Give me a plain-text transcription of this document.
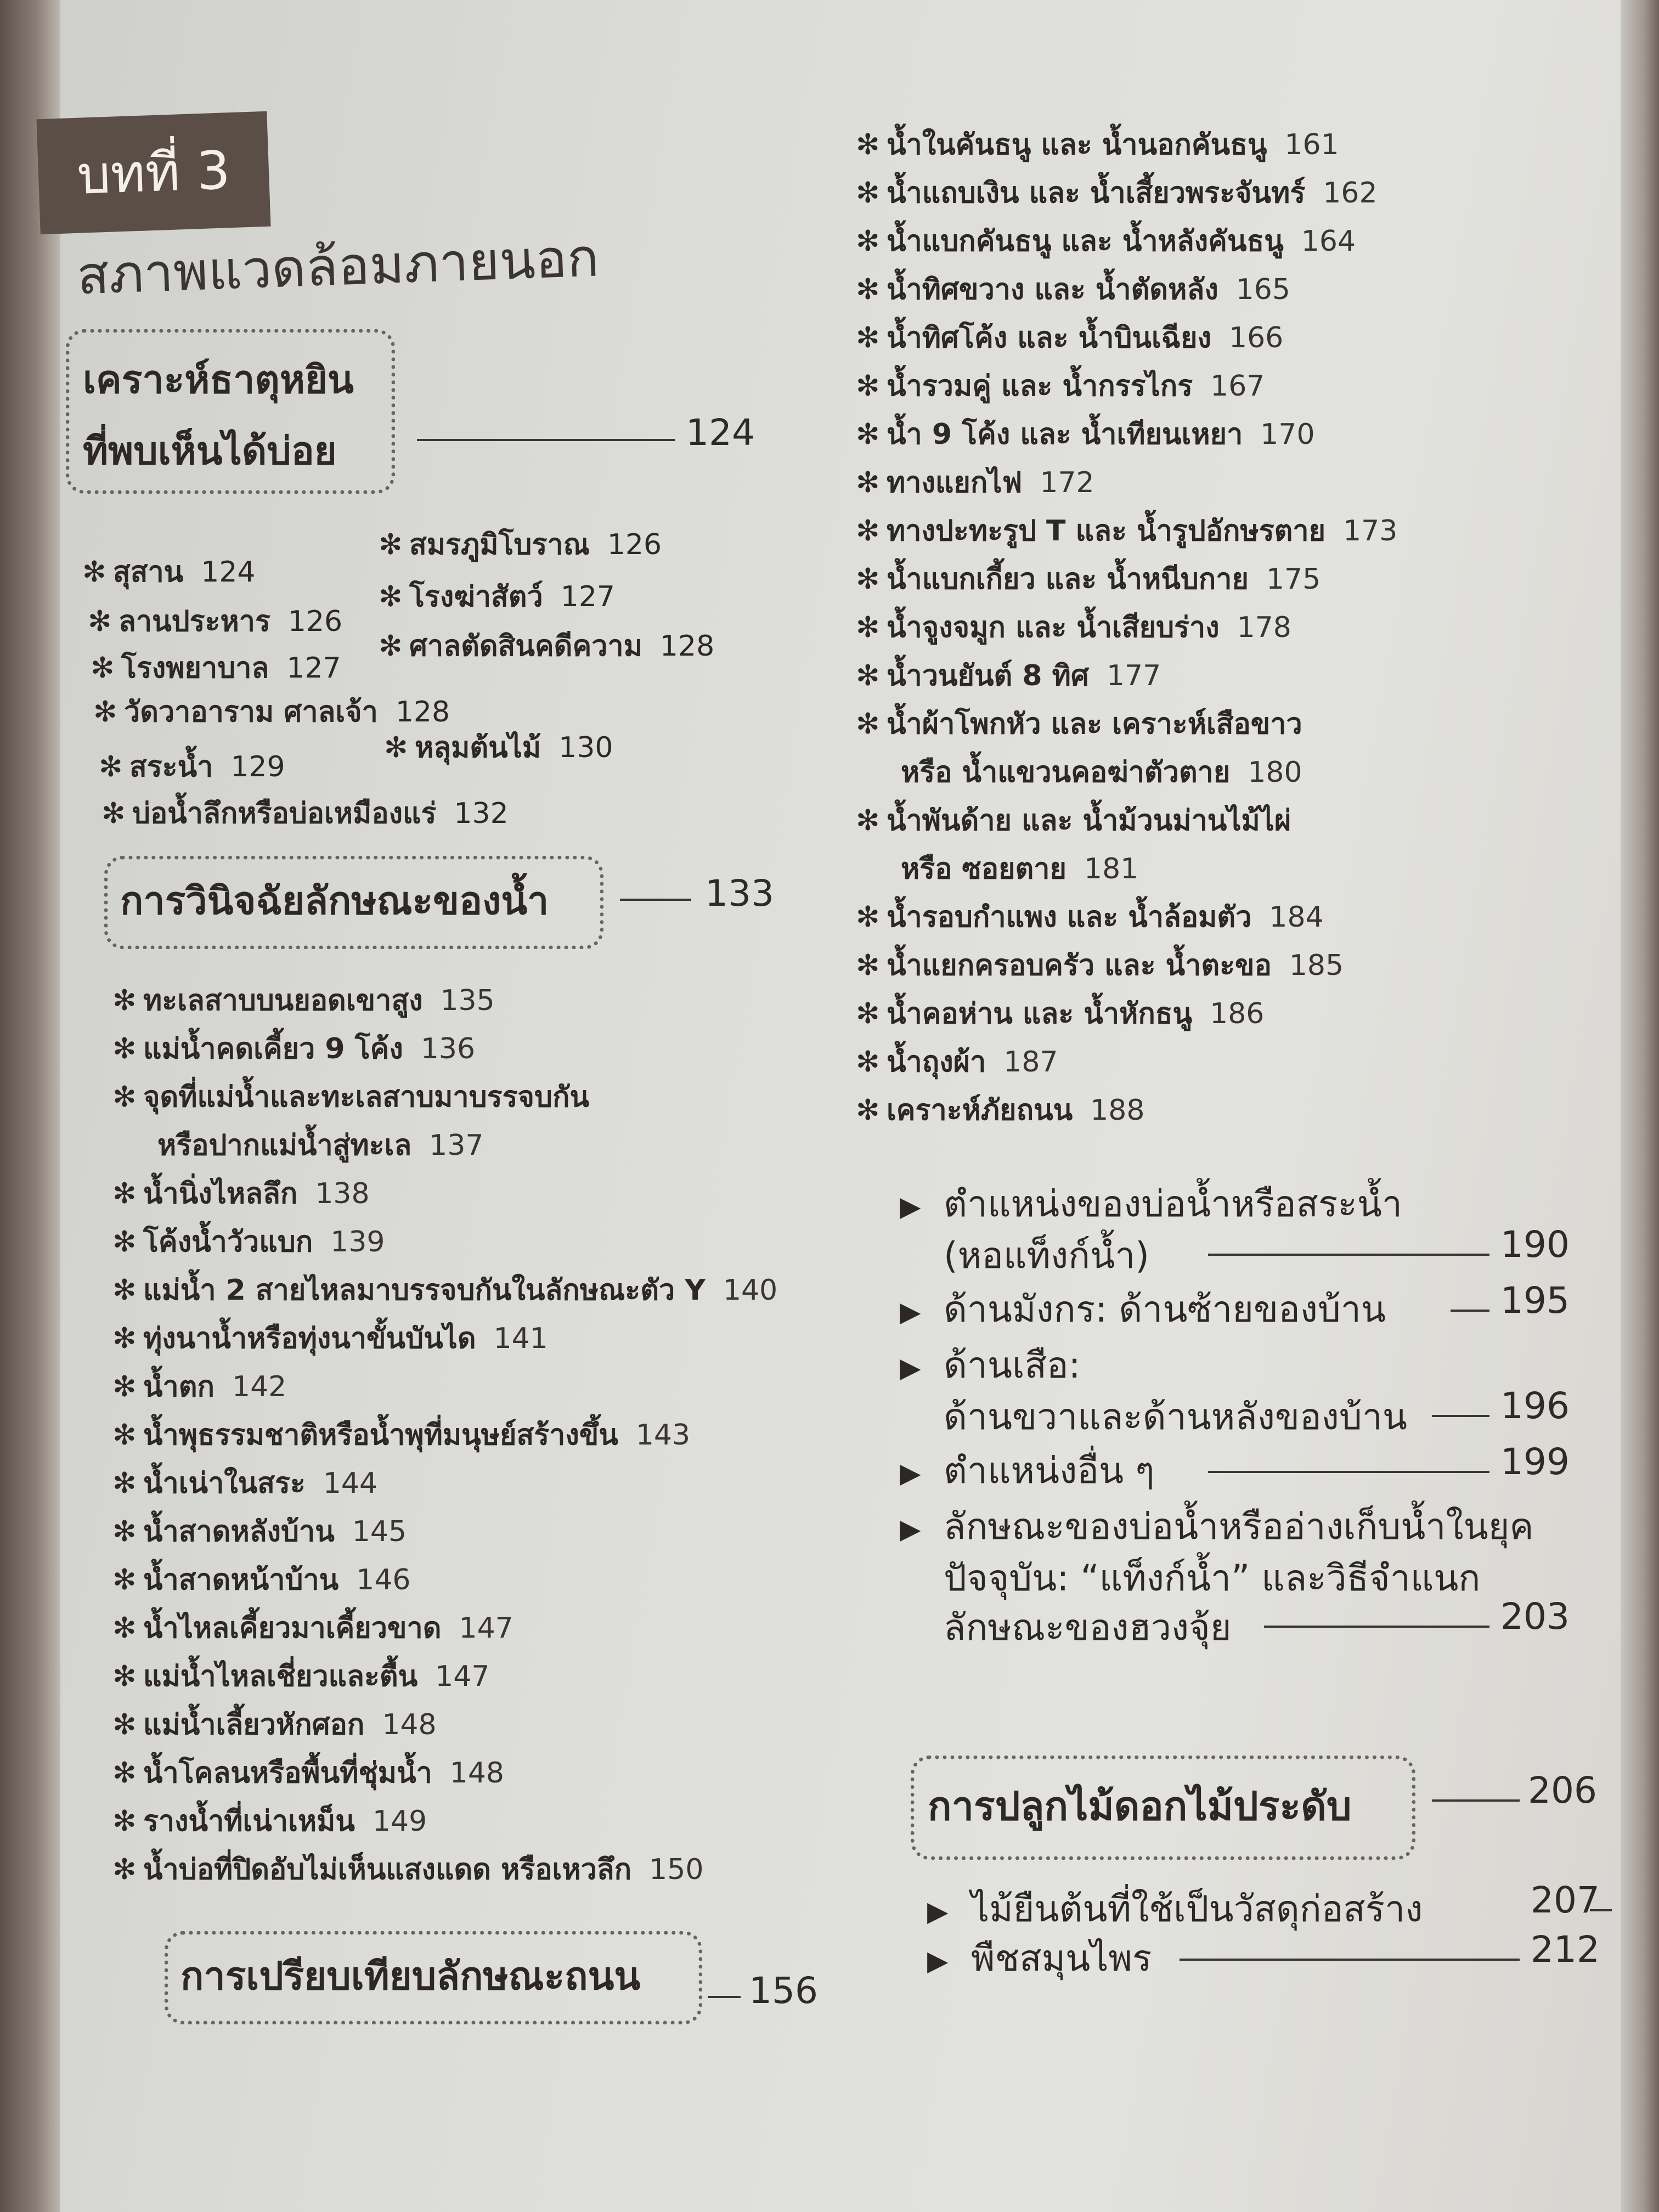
บทที่ 3
สภาพแวดล้อมภายนอก
เคราะห์ธาตุหยิน
ที่พบเห็นได้บ่อย	124
✻ สุสาน 124
✻ สมรภูมิโบราณ 126
✻ ลานประหาร 126
✻ โรงฆ่าสัตว์ 127
✻ โรงพยาบาล 127
✻ ศาลตัดสินคดีความ 128
✻ วัดวาอาราม ศาลเจ้า 128
✻ สระน้ำ 129
✻ หลุมต้นไม้ 130
✻ บ่อน้ำลึกหรือบ่อเหมืองแร่ 132
การวินิจฉัยลักษณะของน้ำ	133
✻ ทะเลสาบบนยอดเขาสูง 135
✻ แม่น้ำคดเคี้ยว 9 โค้ง 136
✻ จุดที่แม่น้ำและทะเลสาบมาบรรจบกัน
หรือปากแม่น้ำสู่ทะเล 137
✻ น้ำนิ่งไหลลึก 138
✻ โค้งน้ำวัวแบก 139
✻ แม่น้ำ 2 สายไหลมาบรรจบกันในลักษณะตัว Y 140
✻ ทุ่งนาน้ำหรือทุ่งนาขั้นบันได 141
✻ น้ำตก 142
✻ น้ำพุธรรมชาติหรือน้ำพุที่มนุษย์สร้างขึ้น 143
✻ น้ำเน่าในสระ 144
✻ น้ำสาดหลังบ้าน 145
✻ น้ำสาดหน้าบ้าน 146
✻ น้ำไหลเคี้ยวมาเคี้ยวขาด 147
✻ แม่น้ำไหลเชี่ยวและตื้น 147
✻ แม่น้ำเลี้ยวหักศอก 148
✻ น้ำโคลนหรือพื้นที่ชุ่มน้ำ 148
✻ รางน้ำที่เน่าเหม็น 149
✻ น้ำบ่อที่ปิดอับไม่เห็นแสงแดด หรือเหวลึก 150
การเปรียบเทียบลักษณะถนน	156
✻ น้ำในคันธนู และ น้ำนอกคันธนู 161
✻ น้ำแถบเงิน และ น้ำเสี้ยวพระจันทร์ 162
✻ น้ำแบกคันธนู และ น้ำหลังคันธนู 164
✻ น้ำทิศขวาง และ น้ำตัดหลัง 165
✻ น้ำทิศโค้ง และ น้ำบินเฉียง 166
✻ น้ำรวมคู่ และ น้ำกรรไกร 167
✻ น้ำ 9 โค้ง และ น้ำเทียนเหยา 170
✻ ทางแยกไฟ 172
✻ ทางปะทะรูป T และ น้ำรูปอักษรตาย 173
✻ น้ำแบกเกี้ยว และ น้ำหนีบกาย 175
✻ น้ำจูงจมูก และ น้ำเสียบร่าง 178
✻ น้ำวนยันต์ 8 ทิศ 177
✻ น้ำผ้าโพกหัว และ เคราะห์เสือขาว
หรือ น้ำแขวนคอฆ่าตัวตาย 180
✻ น้ำพันด้าย และ น้ำม้วนม่านไม้ไผ่
หรือ ซอยตาย 181
✻ น้ำรอบกำแพง และ น้ำล้อมตัว 184
✻ น้ำแยกครอบครัว และ น้ำตะขอ 185
✻ น้ำคอห่าน และ น้ำหักธนู 186
✻ น้ำถุงผ้า 187
✻ เคราะห์ภัยถนน 188
▶ ตำแหน่งของบ่อน้ำหรือสระน้ำ
(หอแท็งก์น้ำ)	190
▶ ด้านมังกร: ด้านซ้ายของบ้าน	195
▶ ด้านเสือ:
ด้านขวาและด้านหลังของบ้าน	196
▶ ตำแหน่งอื่น ๆ	199
▶ ลักษณะของบ่อน้ำหรืออ่างเก็บน้ำในยุค
ปัจจุบัน: “แท็งก์น้ำ” และวิธีจำแนก
ลักษณะของฮวงจุ้ย	203
การปลูกไม้ดอกไม้ประดับ	206
▶ ไม้ยืนต้นที่ใช้เป็นวัสดุก่อสร้าง	207
▶ พืชสมุนไพร	212
